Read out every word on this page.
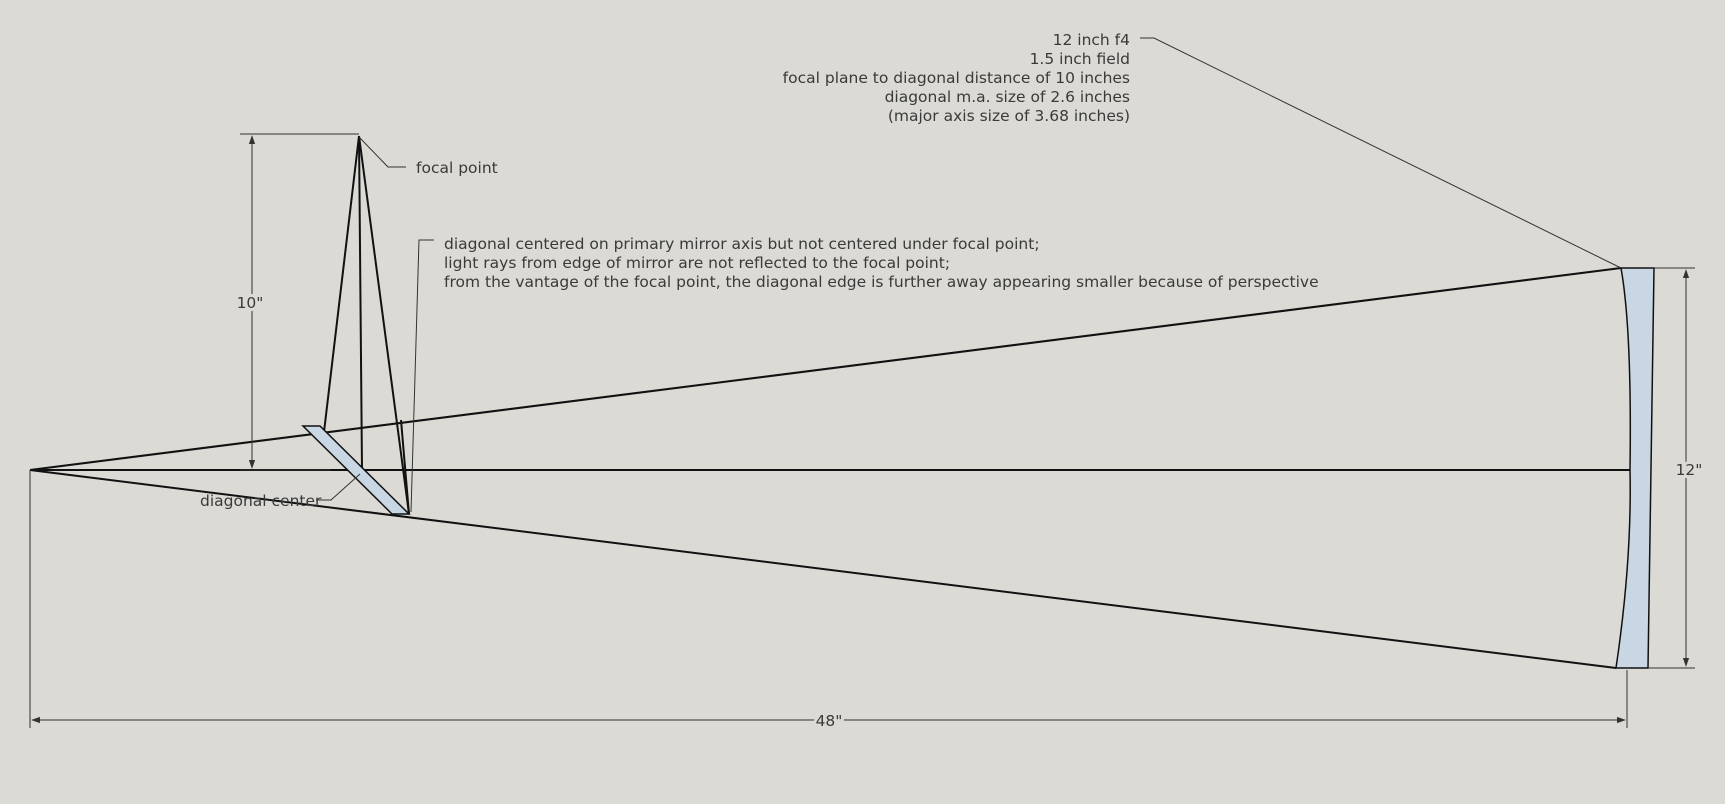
10"
12"
48"
focal point
diagonal center
12 inch f4
1.5 inch field
focal plane to diagonal distance of 10 inches
diagonal m.a. size of 2.6 inches
(major axis size of 3.68 inches)
diagonal centered on primary mirror axis but not centered under focal point;
light rays from edge of mirror are not reflected to the focal point;
from the vantage of the focal point, the diagonal edge is further away appearing smaller because of perspective
